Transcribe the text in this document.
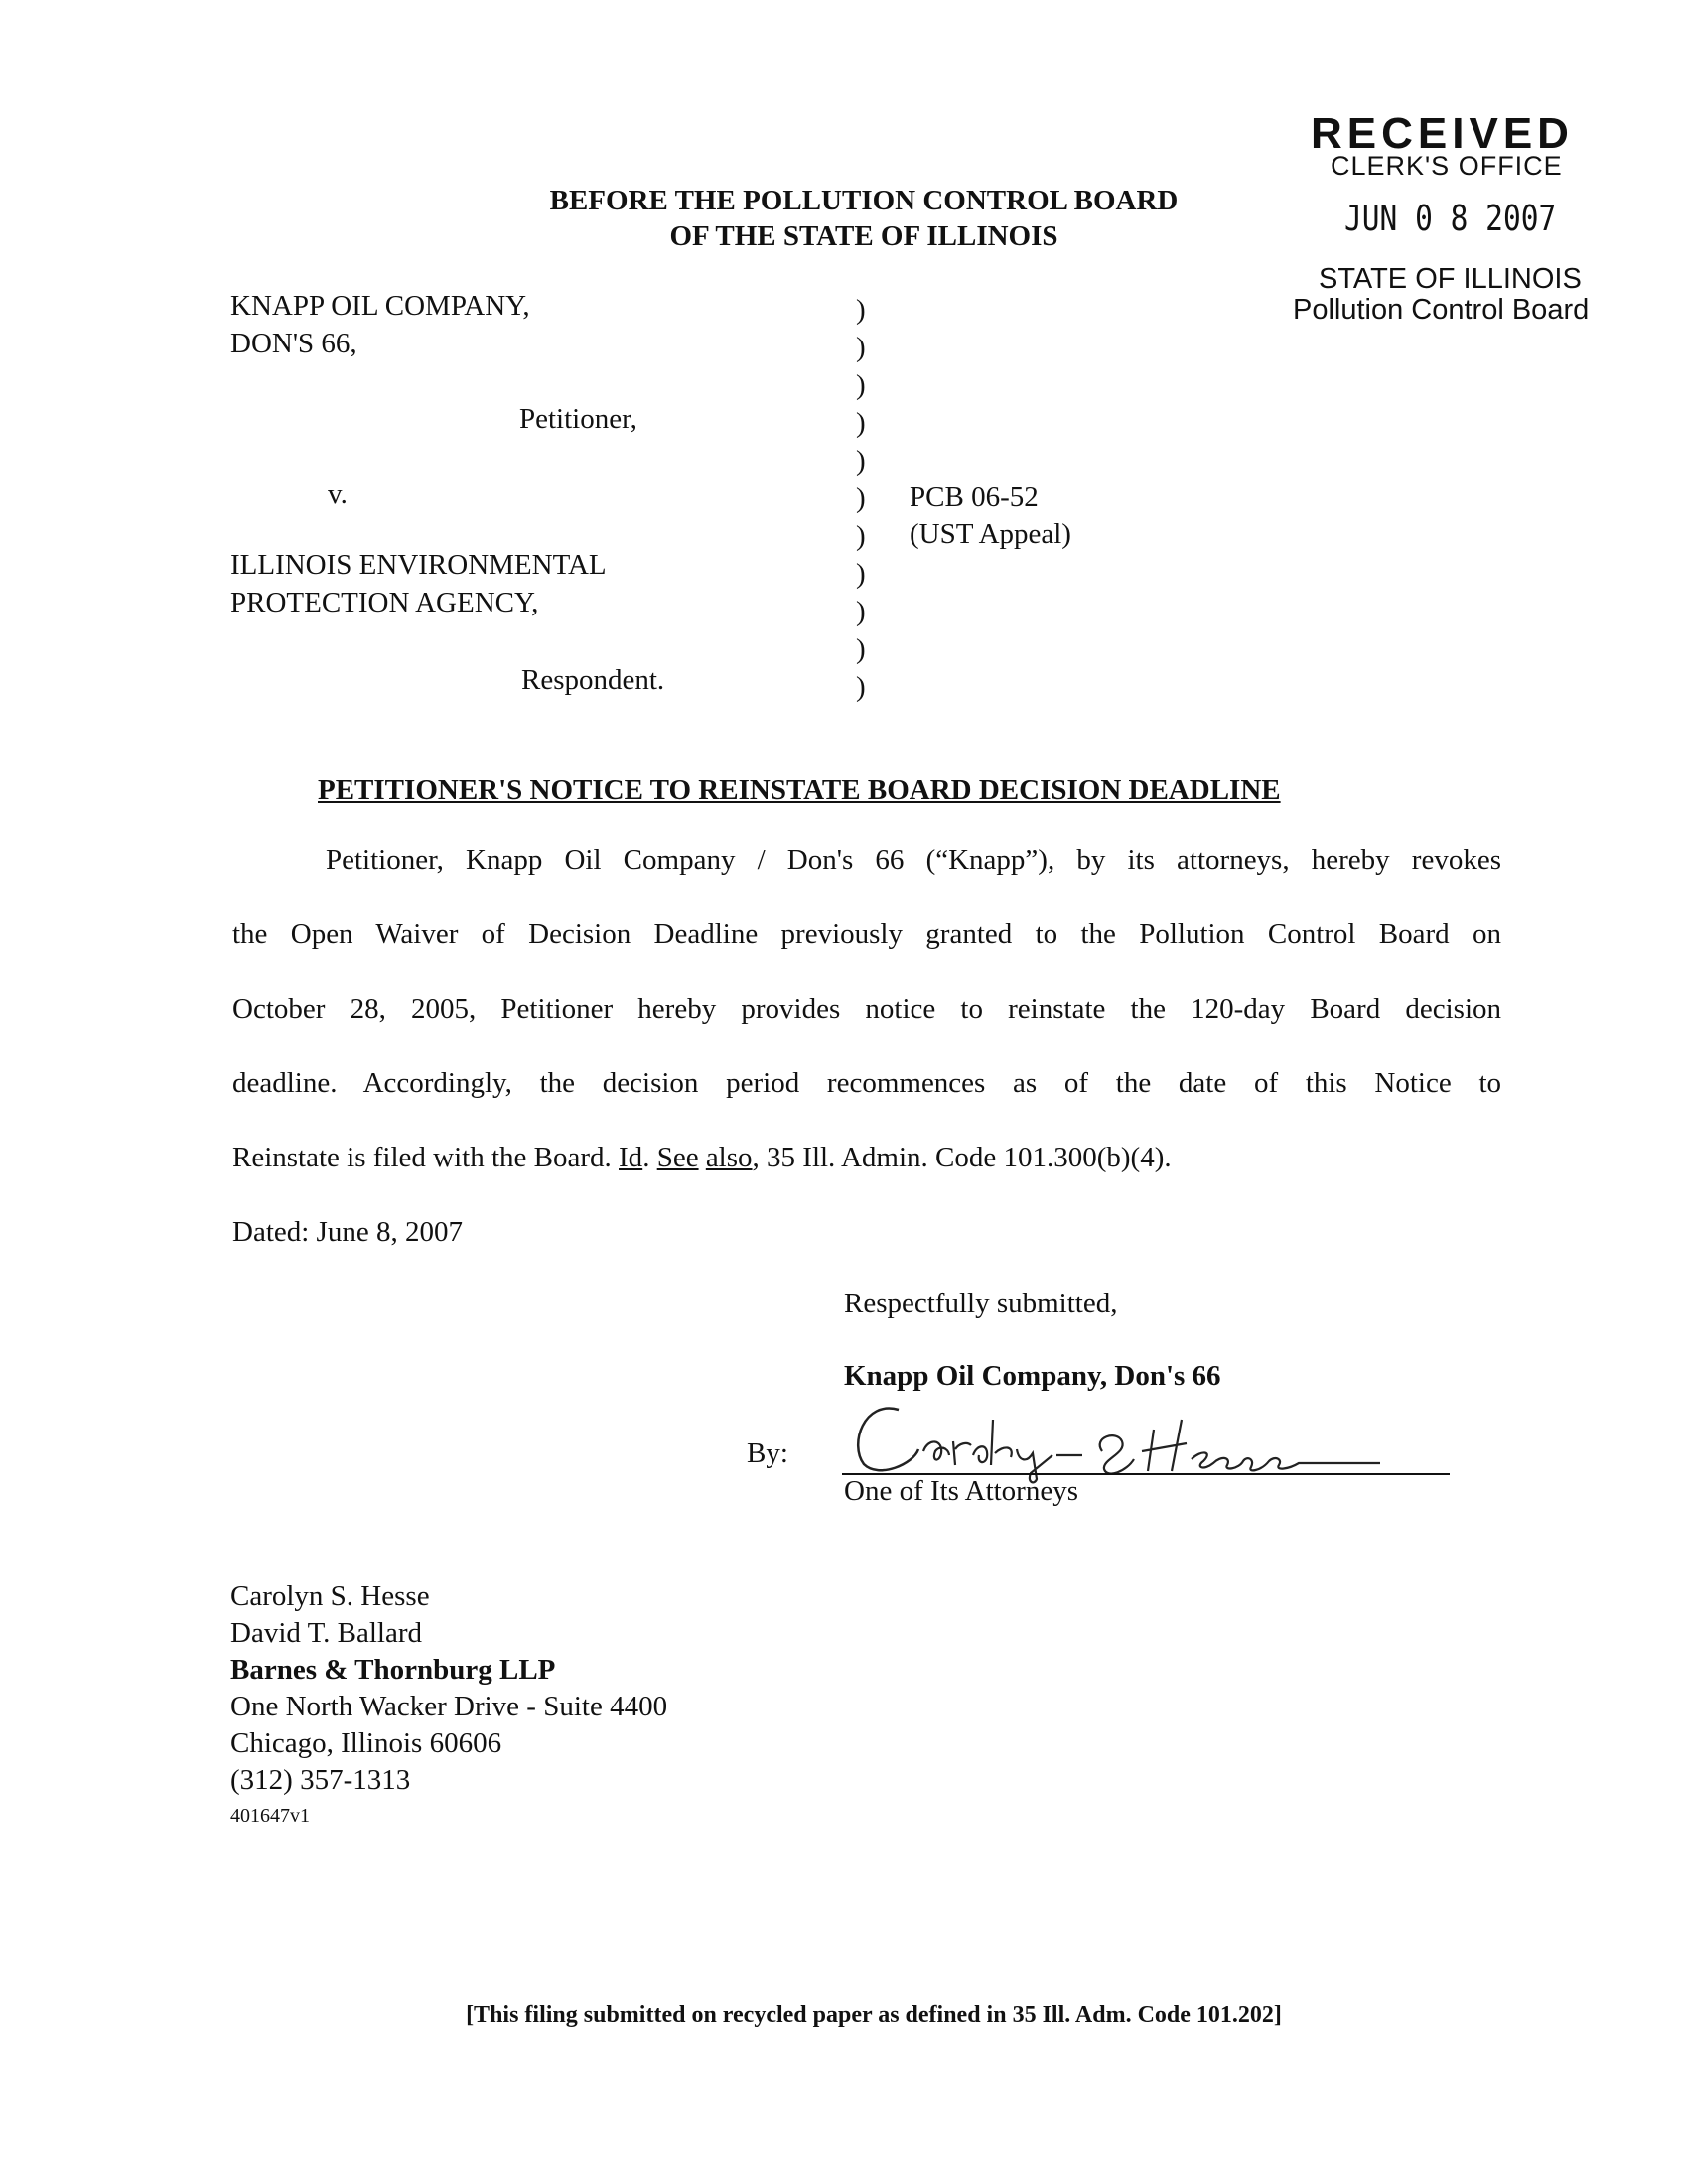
RECEIVED
CLERK'S OFFICE
JUN 0 8 2007
STATE OF ILLINOIS
Pollution Control Board
BEFORE THE POLLUTION CONTROL BOARD
OF THE STATE OF ILLINOIS
KNAPP OIL COMPANY,
DON'S 66,
Petitioner,
v.
ILLINOIS ENVIRONMENTAL
PROTECTION AGENCY,
Respondent.
)
)
)
)
)
)
)
)
)
)
)
PCB 06-52
(UST Appeal)
PETITIONER'S NOTICE TO REINSTATE BOARD DECISION DEADLINE
Petitioner, Knapp Oil Company / Don's 66 (“Knapp”), by its attorneys, hereby revokes
the Open Waiver of Decision Deadline previously granted to the Pollution Control Board on
October 28, 2005, Petitioner hereby provides notice to reinstate the 120-day Board decision
deadline. Accordingly, the decision period recommences as of the date of this Notice to
Reinstate is filed with the Board. Id. See also, 35 Ill. Admin. Code 101.300(b)(4).
Dated: June 8, 2007
Respectfully submitted,
Knapp Oil Company, Don's 66
By:
One of Its Attorneys
Carolyn S. Hesse
David T. Ballard
Barnes & Thornburg LLP
One North Wacker Drive - Suite 4400
Chicago, Illinois 60606
(312) 357-1313
401647v1
[This filing submitted on recycled paper as defined in 35 Ill. Adm. Code 101.202]
